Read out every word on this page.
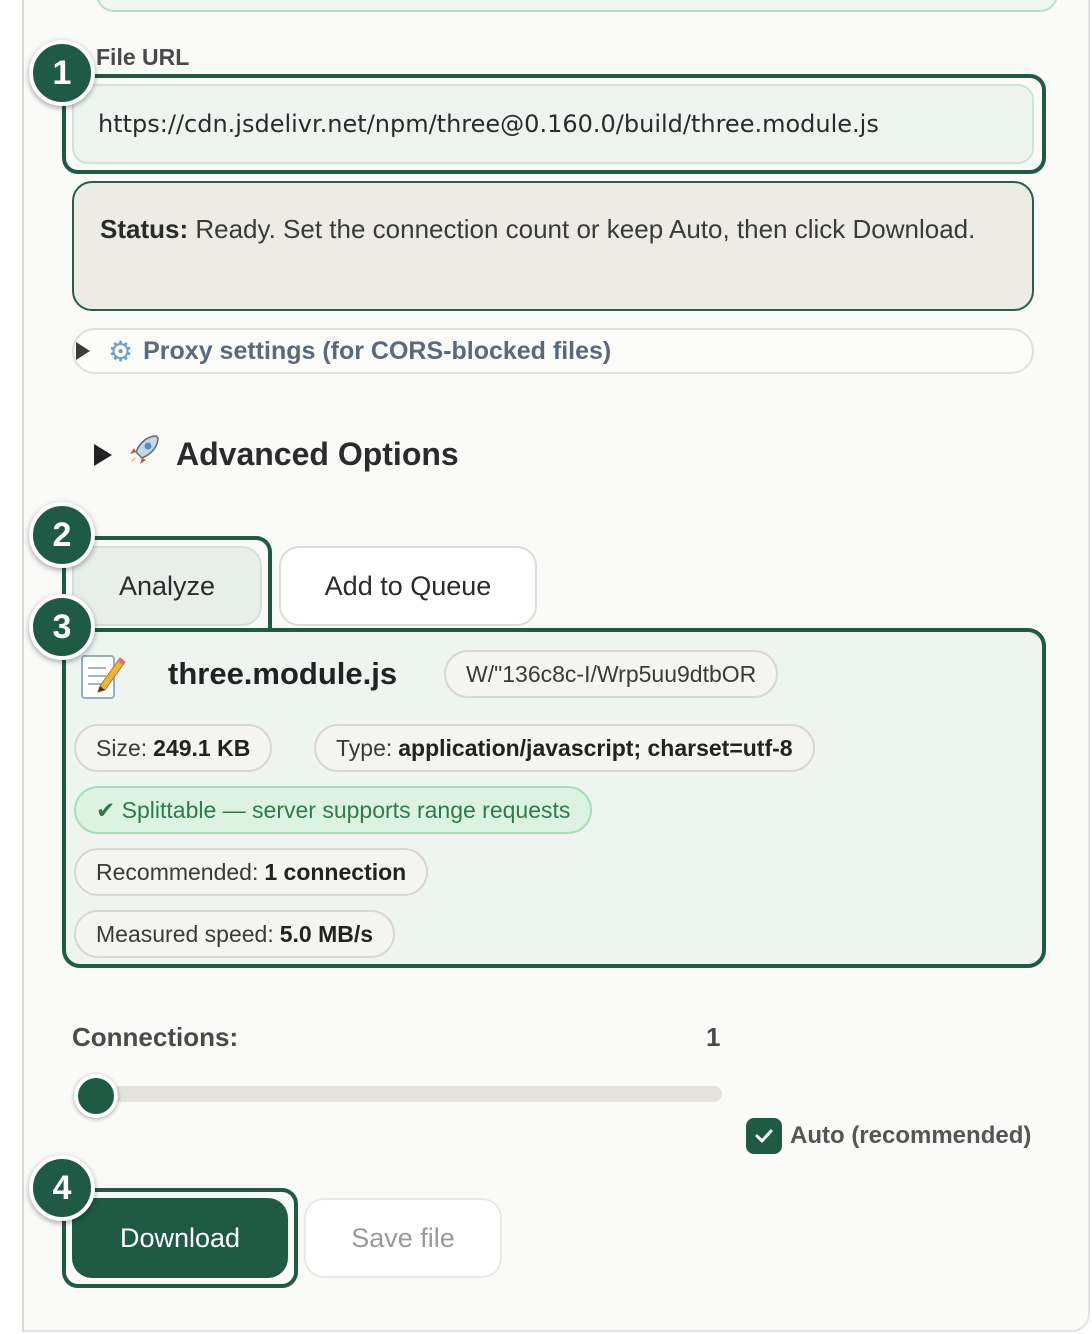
File URL
https://cdn.jsdelivr.net/npm/three@0.160.0/build/three.module.js
Status: Ready. Set the connection count or keep Auto, then click Download.
⚙ Proxy settings (for CORS-blocked files)
Advanced Options
Analyze	Add to Queue
three.module.js	W/"136c8c-I/Wrp5uu9dtbOR
Size: 249.1 KB	Type: application/javascript; charset=utf-8
✔ Splittable — server supports range requests
Recommended: 1 connection
Measured speed: 5.0 MB/s
Connections:	1
Auto (recommended)
Download	Save file
1
2
3
4
